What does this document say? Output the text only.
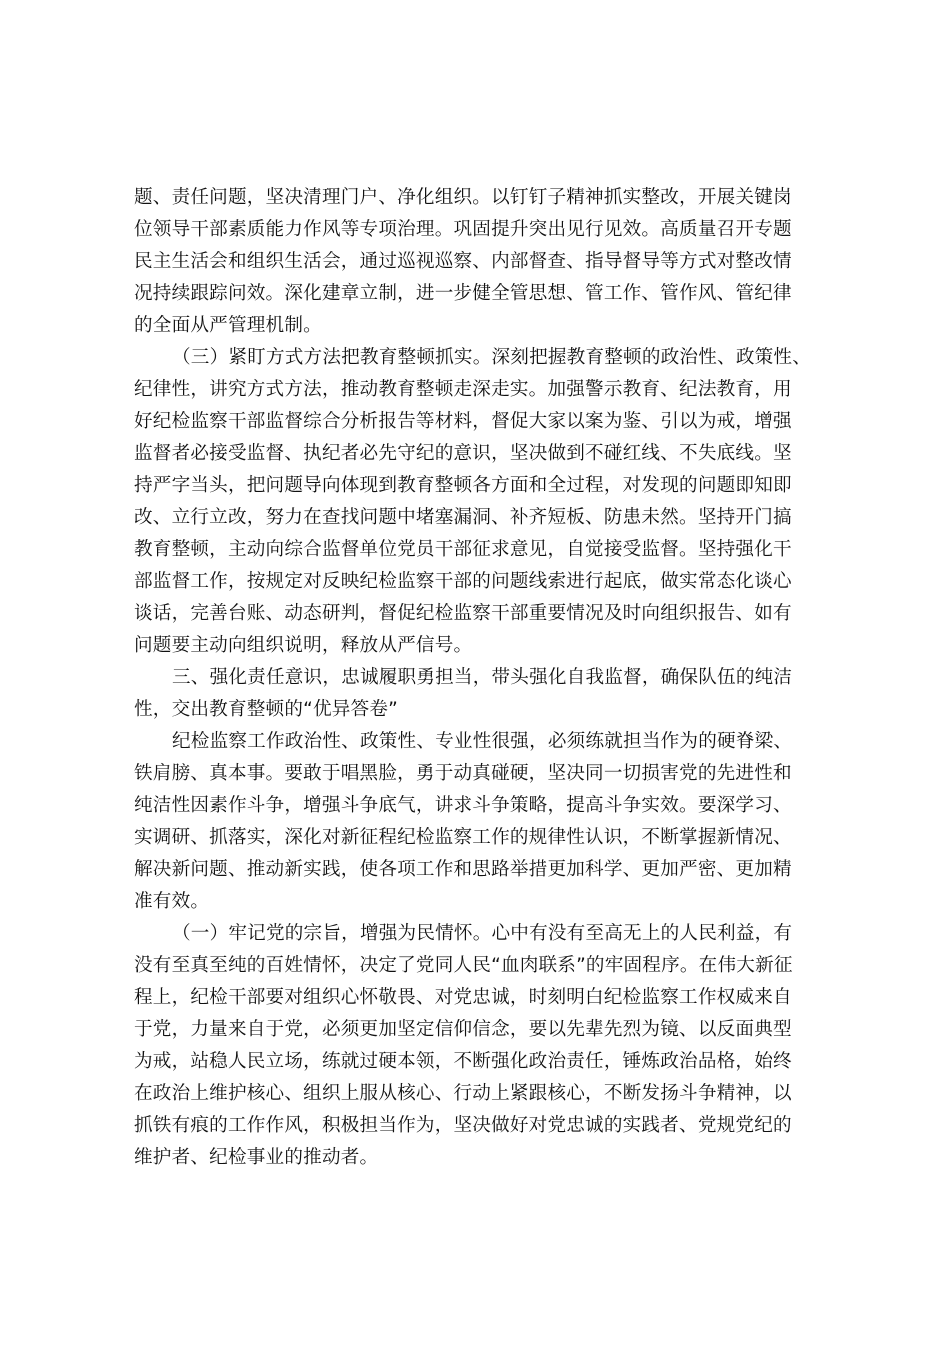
题、责任问题，坚决清理门户、净化组织。以钉钉子精神抓实整改，开展关键岗
位领导干部素质能力作风等专项治理。巩固提升突出见行见效。高质量召开专题
民主生活会和组织生活会，通过巡视巡察、内部督查、指导督导等方式对整改情
况持续跟踪问效。深化建章立制，进一步健全管思想、管工作、管作风、管纪律
的全面从严管理机制。
（三）紧盯方式方法把教育整顿抓实。深刻把握教育整顿的政治性、政策性、
纪律性，讲究方式方法，推动教育整顿走深走实。加强警示教育、纪法教育，用
好纪检监察干部监督综合分析报告等材料，督促大家以案为鉴、引以为戒，增强
监督者必接受监督、执纪者必先守纪的意识，坚决做到不碰红线、不失底线。坚
持严字当头，把问题导向体现到教育整顿各方面和全过程，对发现的问题即知即
改、立行立改，努力在查找问题中堵塞漏洞、补齐短板、防患未然。坚持开门搞
教育整顿，主动向综合监督单位党员干部征求意见，自觉接受监督。坚持强化干
部监督工作，按规定对反映纪检监察干部的问题线索进行起底，做实常态化谈心
谈话，完善台账、动态研判，督促纪检监察干部重要情况及时向组织报告、如有
问题要主动向组织说明，释放从严信号。
三、强化责任意识，忠诚履职勇担当，带头强化自我监督，确保队伍的纯洁
性，交出教育整顿的“优异答卷”
纪检监察工作政治性、政策性、专业性很强，必须练就担当作为的硬脊梁、
铁肩膀、真本事。要敢于唱黑脸，勇于动真碰硬，坚决同一切损害党的先进性和
纯洁性因素作斗争，增强斗争底气，讲求斗争策略，提高斗争实效。要深学习、
实调研、抓落实，深化对新征程纪检监察工作的规律性认识，不断掌握新情况、
解决新问题、推动新实践，使各项工作和思路举措更加科学、更加严密、更加精
准有效。
（一）牢记党的宗旨，增强为民情怀。心中有没有至高无上的人民利益，有
没有至真至纯的百姓情怀，决定了党同人民“血肉联系”的牢固程序。在伟大新征
程上，纪检干部要对组织心怀敬畏、对党忠诚，时刻明白纪检监察工作权威来自
于党，力量来自于党，必须更加坚定信仰信念，要以先辈先烈为镜、以反面典型
为戒，站稳人民立场，练就过硬本领，不断强化政治责任，锤炼政治品格，始终
在政治上维护核心、组织上服从核心、行动上紧跟核心，不断发扬斗争精神，以
抓铁有痕的工作作风，积极担当作为，坚决做好对党忠诚的实践者、党规党纪的
维护者、纪检事业的推动者。
